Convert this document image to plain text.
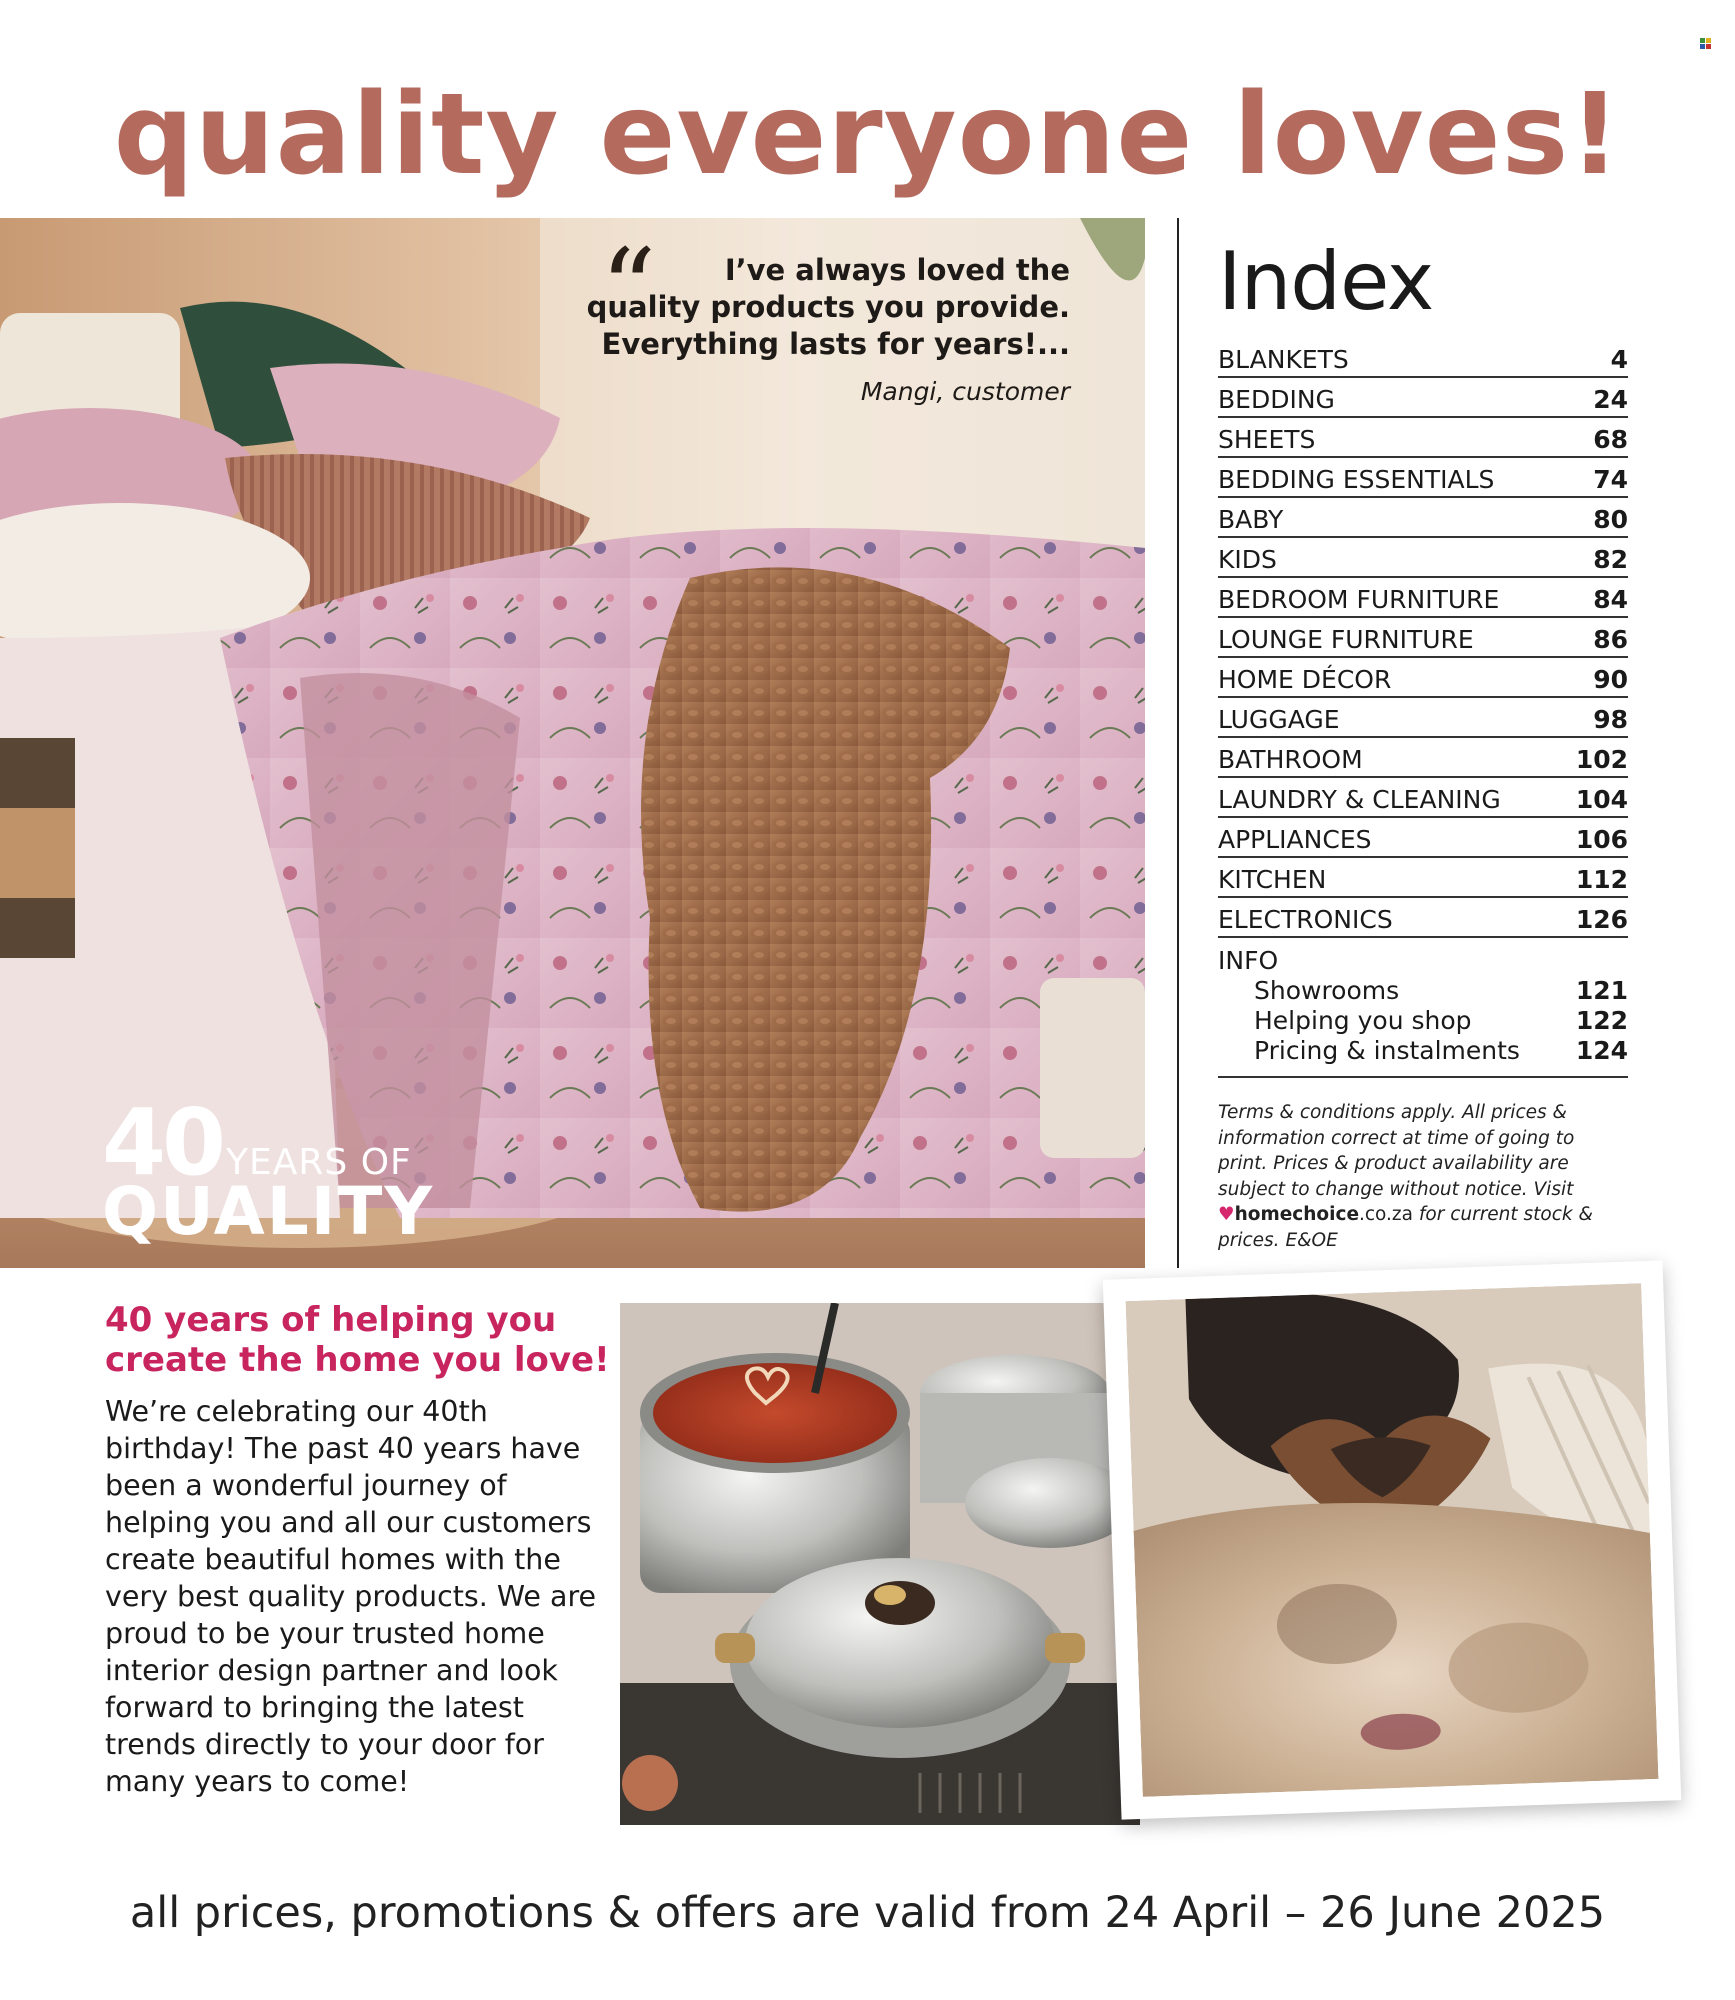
quality everyone loves!
“	I’ve always loved the
quality products you provide.
Everything lasts for years!...
Mangi, customer
40 YEARS OF
QUALITY
Index
BLANKETS	4
BEDDING	24
SHEETS	68
BEDDING ESSENTIALS	74
BABY	80
KIDS	82
BEDROOM FURNITURE	84
LOUNGE FURNITURE	86
HOME DÉCOR	90
LUGGAGE	98
BATHROOM	102
LAUNDRY & CLEANING	104
APPLIANCES	106
KITCHEN	112
ELECTRONICS	126
INFO
Showrooms	121
Helping you shop	122
Pricing & instalments 124
Terms & conditions apply. All prices & information correct at time of going to print. Prices & product availability are subject to change without notice. Visit ♥homechoice.co.za for current stock & prices. E&OE
40 years of helping you
create the home you love!
We’re celebrating our 40th birthday! The past 40 years have been a wonderful journey of helping you and all our customers create beautiful homes with the very best quality products. We are proud to be your trusted home interior design partner and look forward to bringing the latest trends directly to your door for many years to come!
all prices, promotions & offers are valid from 24 April – 26 June 2025
